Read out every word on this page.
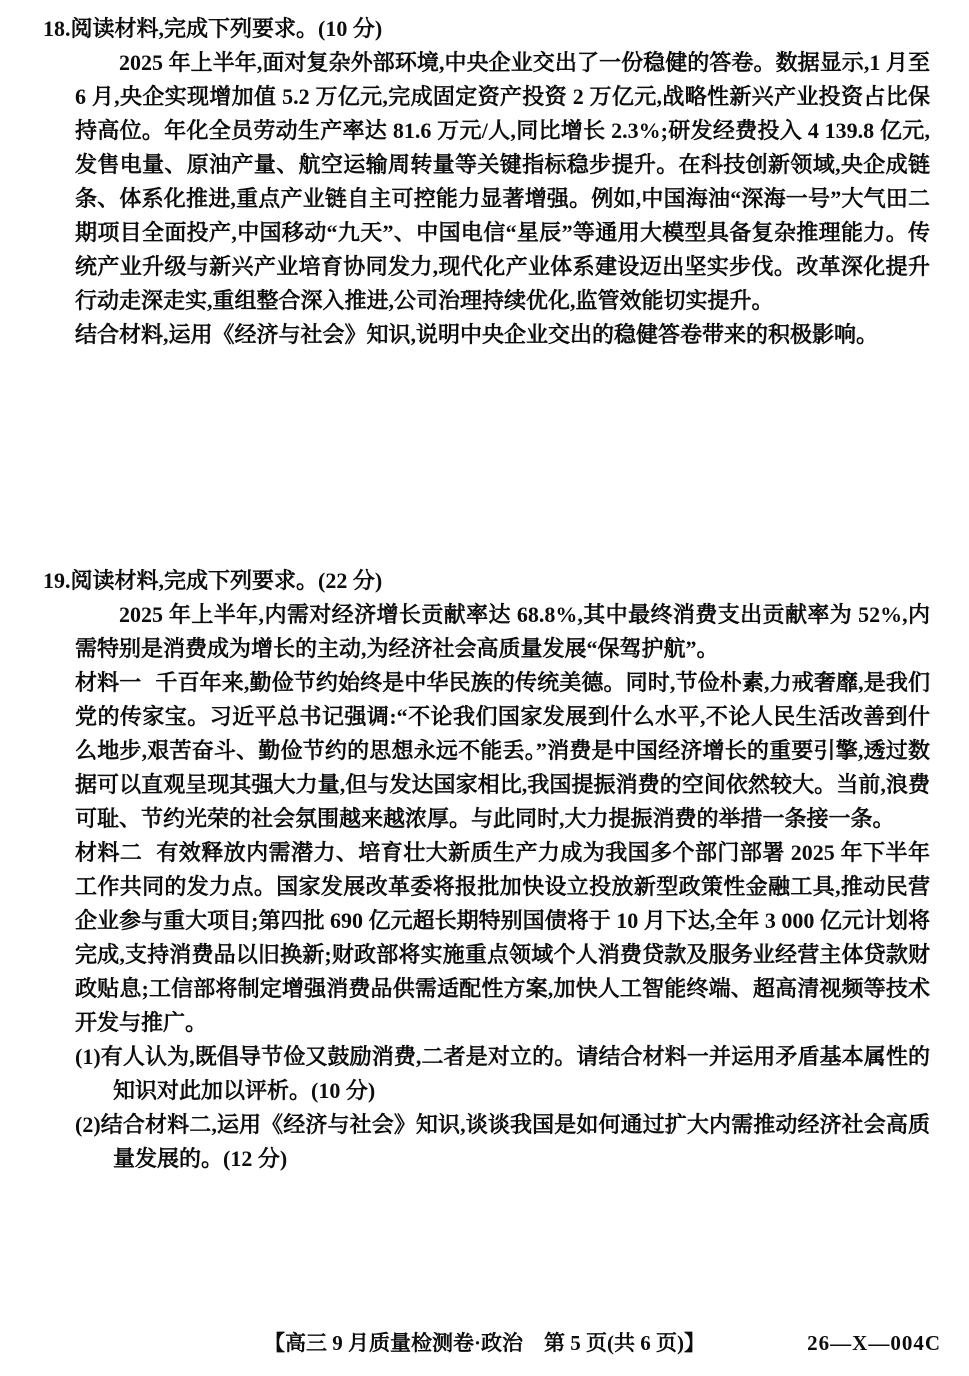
18.阅读材料,完成下列要求。(10 分)

2025 年上半年,面对复杂外部环境,中央企业交出了一份稳健的答卷。数据显示,1 月至 6 月,央企实现增加值 5.2 万亿元,完成固定资产投资 2 万亿元,战略性新兴产业投资占比保持高位。年化全员劳动生产率达 81.6 万元/人,同比增长 2.3%;研发经费投入 4 139.8 亿元,发售电量、原油产量、航空运输周转量等关键指标稳步提升。在科技创新领域,央企成链条、体系化推进,重点产业链自主可控能力显著增强。例如,中国海油“深海一号”大气田二期项目全面投产,中国移动“九天”、中国电信“星辰”等通用大模型具备复杂推理能力。传统产业升级与新兴产业培育协同发力,现代化产业体系建设迈出坚实步伐。改革深化提升行动走深走实,重组整合深入推进,公司治理持续优化,监管效能切实提升。

结合材料,运用《经济与社会》知识,说明中央企业交出的稳健答卷带来的积极影响。

19.阅读材料,完成下列要求。(22 分)

2025 年上半年,内需对经济增长贡献率达 68.8%,其中最终消费支出贡献率为 52%,内需特别是消费成为增长的主动,为经济社会高质量发展“保驾护航”。

材料一 千百年来,勤俭节约始终是中华民族的传统美德。同时,节俭朴素,力戒奢靡,是我们党的传家宝。习近平总书记强调:“不论我们国家发展到什么水平,不论人民生活改善到什么地步,艰苦奋斗、勤俭节约的思想永远不能丢。”消费是中国经济增长的重要引擎,透过数据可以直观呈现其强大力量,但与发达国家相比,我国提振消费的空间依然较大。当前,浪费可耻、节约光荣的社会氛围越来越浓厚。与此同时,大力提振消费的举措一条接一条。

材料二 有效释放内需潜力、培育壮大新质生产力成为我国多个部门部署 2025 年下半年工作共同的发力点。国家发展改革委将报批加快设立投放新型政策性金融工具,推动民营企业参与重大项目;第四批 690 亿元超长期特别国债将于 10 月下达,全年 3 000 亿元计划将完成,支持消费品以旧换新;财政部将实施重点领域个人消费贷款及服务业经营主体贷款财政贴息;工信部将制定增强消费品供需适配性方案,加快人工智能终端、超高清视频等技术开发与推广。

(1)有人认为,既倡导节俭又鼓励消费,二者是对立的。请结合材料一并运用矛盾基本属性的知识对此加以评析。(10 分)

(2)结合材料二,运用《经济与社会》知识,谈谈我国是如何通过扩大内需推动经济社会高质量发展的。(12 分)

【高三 9 月质量检测卷·政治　第 5 页(共 6 页)】	26—X—004C
